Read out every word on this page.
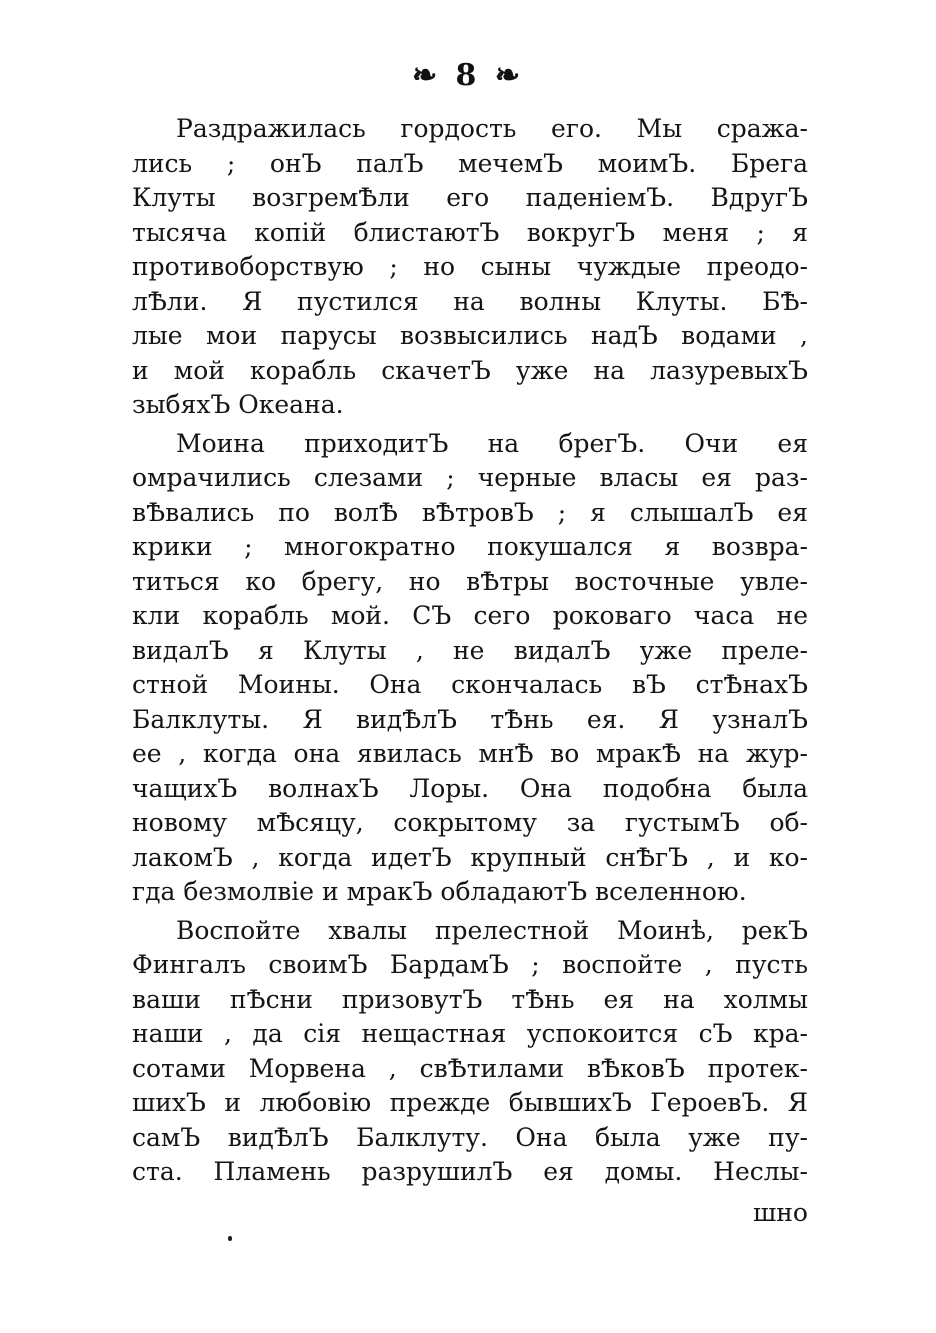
❧ 8 ❧
Раздражилась гордость его. Мы сража-
лись ; онЪ палЪ мечемЪ моимЪ. Брега
Клуты возгремѢли его паденіемЪ. ВдругЪ
тысяча копій блистаютЪ вокругЪ меня ; я
противоборствую ; но сыны чуждые преодо-
лѢли. Я пустился на волны Клуты. БѢ-
лые мои парусы возвысились надЪ водами ,
и мой корабль скачетЪ уже на лазуревыхЪ
зыбяхЪ Океана.
Моина приходитЪ на брегЪ. Очи ея
омрачились слезами ; черные власы ея раз-
вѢвались по волѢ вѢтровЪ ; я слышалЪ ея
крики ; многократно покушался я возвра-
титься ко брегу, но вѢтры восточные увле-
кли корабль мой. СЪ сего роковаго часа не
видалЪ я Клуты , не видалЪ уже преле-
стной Моины. Она скончалась вЪ стѢнахЪ
Балклуты. Я видѢлЪ тѢнь ея. Я узналЪ
ее , когда она явилась мнѢ во мракѢ на жур-
чащихЪ волнахЪ Лоры. Она подобна была
новому мѢсяцу, сокрытому за густымЪ об-
лакомЪ , когда идетЪ крупный снѢгЪ , и ко-
гда безмолвіе и мракЪ обладаютЪ вселенною.
Воспойте хвалы прелестной Моинѣ, рекЪ
Фингалъ своимЪ БардамЪ ; воспойте , пусть
ваши пѢсни призовутЪ тѢнь ея на холмы
наши , да сія нещастная успокоится сЪ кра-
сотами Морвена , свѢтилами вѢковЪ протек-
шихЪ и любовію прежде бывшихЪ ГероевЪ. Я
самЪ видѢлЪ Балклуту. Она была уже пу-
ста. Пламень разрушилЪ ея домы. Неслы-
шно
